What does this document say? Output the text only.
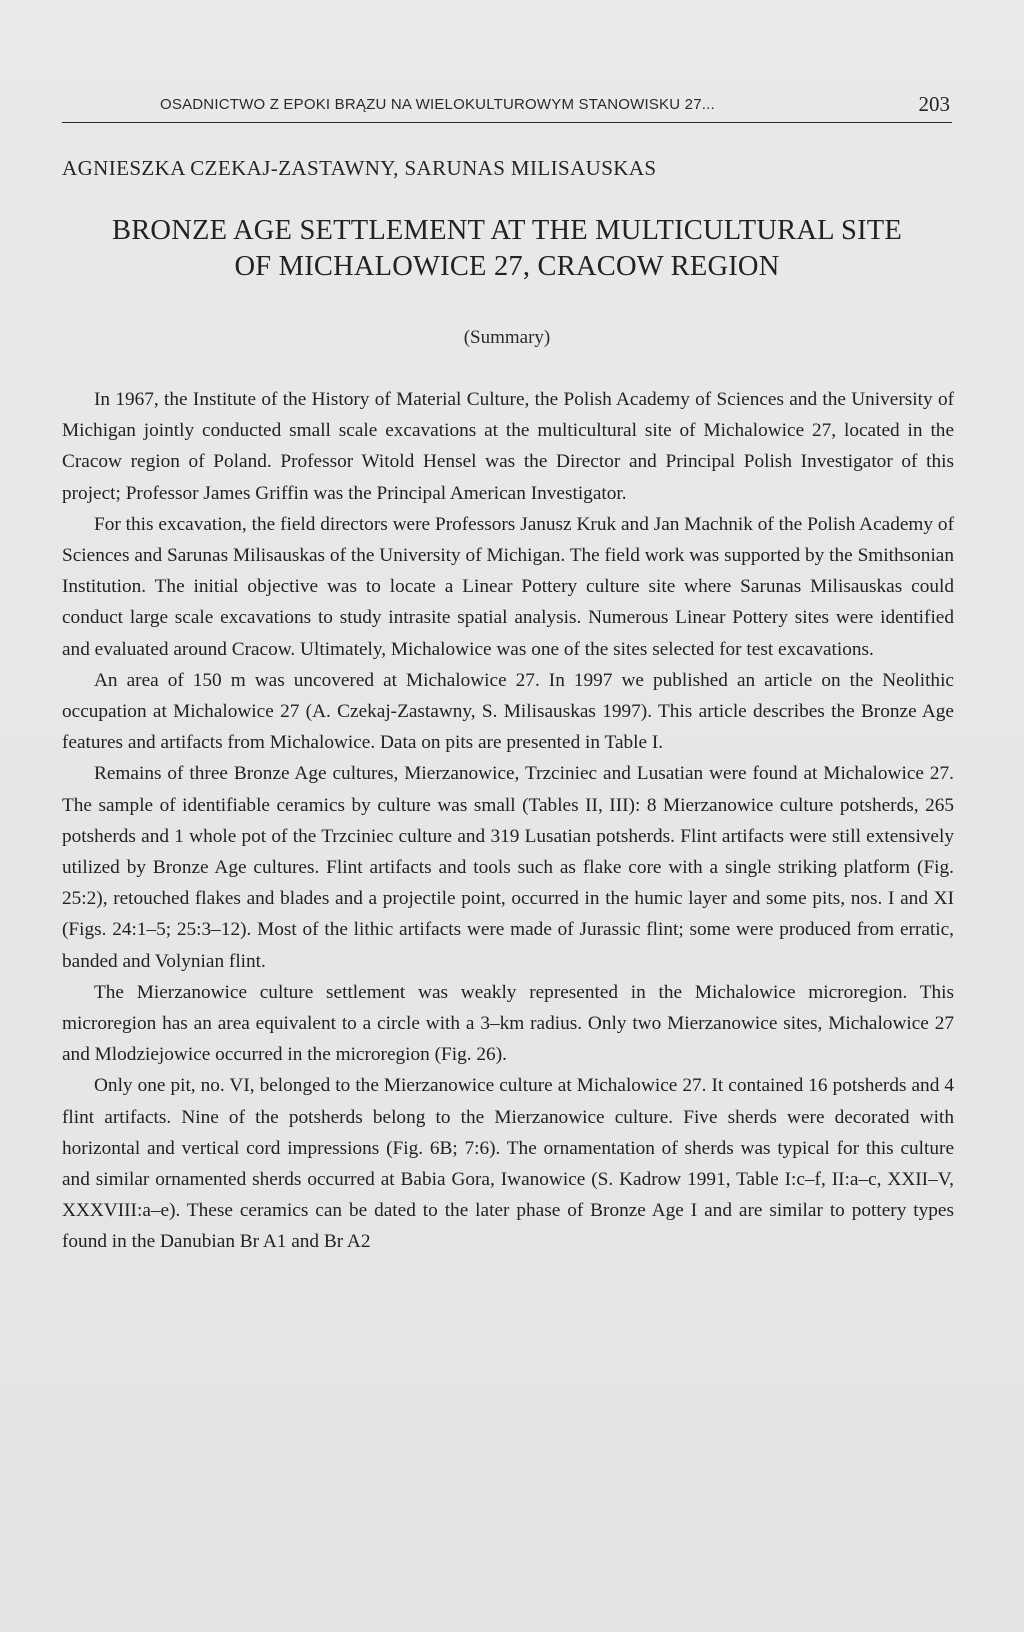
OSADNICTWO Z EPOKI BRĄZU NA WIELOKULTUROWYM STANOWISKU 27...	203
AGNIESZKA CZEKAJ-ZASTAWNY, SARUNAS MILISAUSKAS
BRONZE AGE SETTLEMENT AT THE MULTICULTURAL SITE
OF MICHALOWICE 27, CRACOW REGION
(Summary)

In 1967, the Institute of the History of Material Culture, the Polish Academy of Sciences and the University of Michigan jointly conducted small scale excavations at the multicultural site of Michalowice 27, located in the Cracow region of Poland. Professor Witold Hensel was the Director and Principal Polish Investigator of this project; Professor James Griffin was the Principal American Investigator.

For this excavation, the field directors were Professors Janusz Kruk and Jan Machnik of the Polish Academy of Sciences and Sarunas Milisauskas of the University of Michigan. The field work was supported by the Smithsonian Institution. The initial objective was to locate a Linear Pottery culture site where Sarunas Milisauskas could conduct large scale excavations to study intrasite spatial analysis. Numerous Linear Pottery sites were identified and evaluated around Cracow. Ultimately, Michalowice was one of the sites selected for test excavations.

An area of 150 m was uncovered at Michalowice 27. In 1997 we published an article on the Neolithic occupation at Michalowice 27 (A. Czekaj-Zastawny, S. Milisauskas 1997). This article describes the Bronze Age features and artifacts from Michalowice. Data on pits are presented in Table I.

Remains of three Bronze Age cultures, Mierzanowice, Trzciniec and Lusatian were found at Michalowice 27. The sample of identifiable ceramics by culture was small (Tables II, III): 8 Mierzanowice culture potsherds, 265 potsherds and 1 whole pot of the Trzciniec culture and 319 Lusatian potsherds. Flint artifacts were still extensively utilized by Bronze Age cultures. Flint artifacts and tools such as flake core with a single striking platform (Fig. 25:2), retouched flakes and blades and a projectile point, occurred in the humic layer and some pits, nos. I and XI (Figs. 24:1–5; 25:3–12). Most of the lithic artifacts were made of Jurassic flint; some were produced from erratic, banded and Volynian flint.

The Mierzanowice culture settlement was weakly represented in the Michalowice microregion. This microregion has an area equivalent to a circle with a 3–km radius. Only two Mierzanowice sites, Michalowice 27 and Mlodziejowice occurred in the microregion (Fig. 26).

Only one pit, no. VI, belonged to the Mierzanowice culture at Michalowice 27. It contained 16 potsherds and 4 flint artifacts. Nine of the potsherds belong to the Mierzanowice culture. Five sherds were decorated with horizontal and vertical cord impressions (Fig. 6B; 7:6). The ornamentation of sherds was typical for this culture and similar ornamented sherds occurred at Babia Gora, Iwanowice (S. Kadrow 1991, Table I:c–f, II:a–c, XXII–V, XXXVIII:a–e). These ceramics can be dated to the later phase of Bronze Age I and are similar to pottery types found in the Danubian Br A1 and Br A2
